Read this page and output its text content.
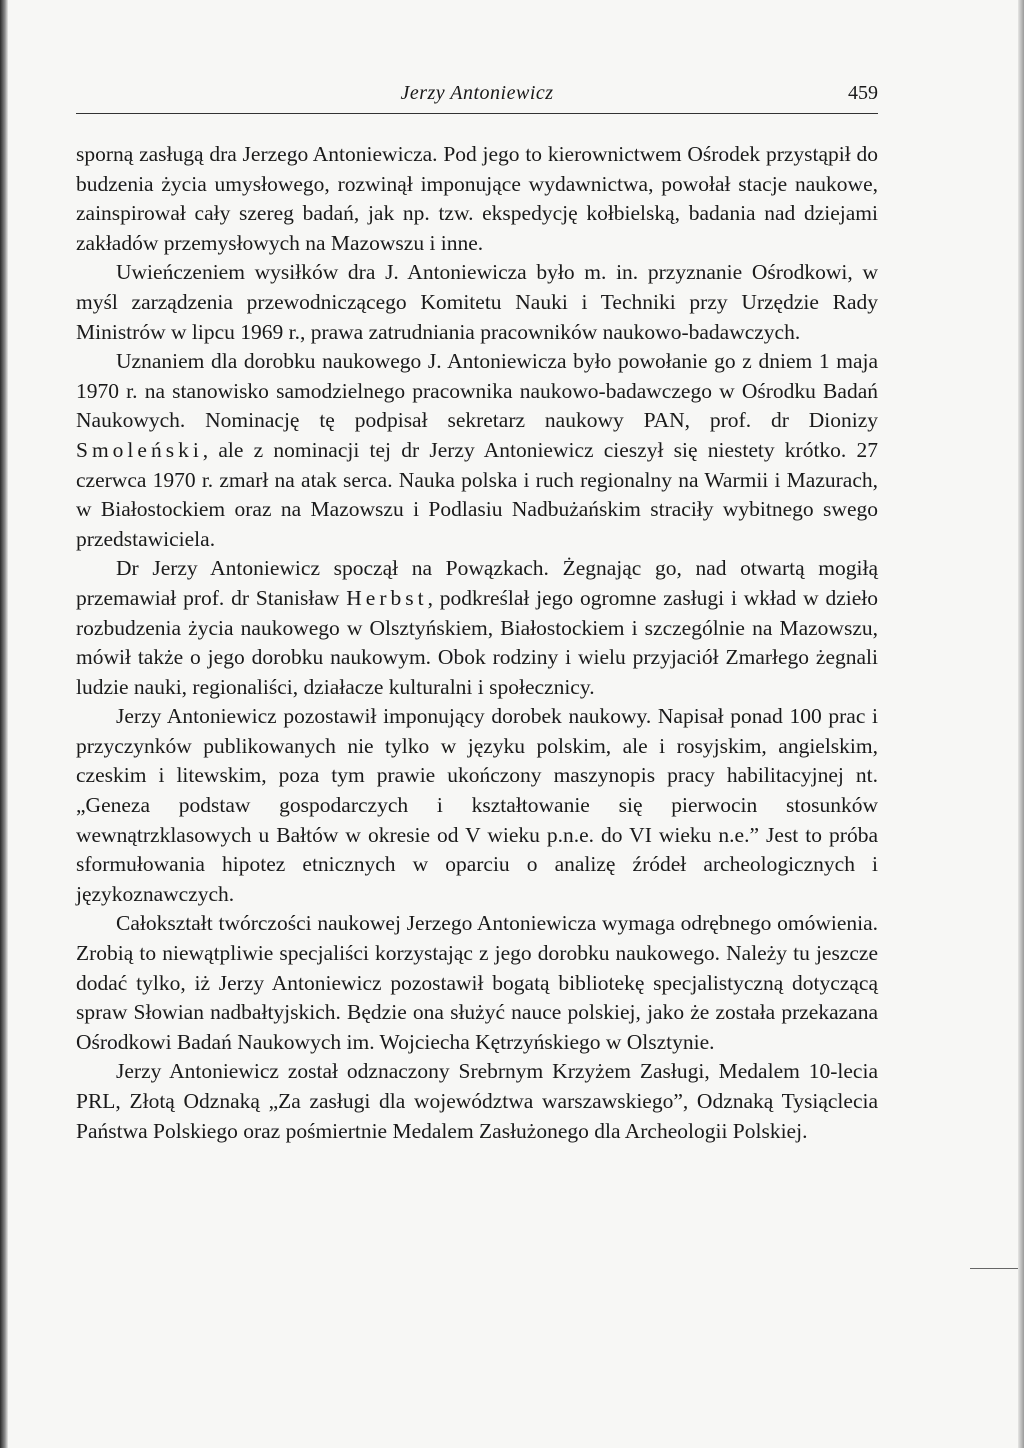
Jerzy Antoniewicz	459

sporną zasługą dra Jerzego Antoniewicza. Pod jego to kierownictwem Ośrodek przystąpił do budzenia życia umysłowego, rozwinął imponujące wydawnictwa, powołał stacje naukowe, zainspirował cały szereg badań, jak np. tzw. ekspedycję kołbielską, badania nad dziejami zakładów przemysłowych na Mazowszu i inne.

Uwieńczeniem wysiłków dra J. Antoniewicza było m. in. przyznanie Ośrodkowi, w myśl zarządzenia przewodniczącego Komitetu Nauki i Techniki przy Urzędzie Rady Ministrów w lipcu 1969 r., prawa zatrudniania pracowników naukowo-badawczych.

Uznaniem dla dorobku naukowego J. Antoniewicza było powołanie go z dniem 1 maja 1970 r. na stanowisko samodzielnego pracownika naukowo-badawczego w Ośrodku Badań Naukowych. Nominację tę podpisał sekretarz naukowy PAN, prof. dr Dionizy Smoleński, ale z nominacji tej dr Jerzy Antoniewicz cieszył się niestety krótko. 27 czerwca 1970 r. zmarł na atak serca. Nauka polska i ruch regionalny na Warmii i Mazurach, w Białostockiem oraz na Mazowszu i Podlasiu Nadbużańskim straciły wybitnego swego przedstawiciela.

Dr Jerzy Antoniewicz spoczął na Powązkach. Żegnając go, nad otwartą mogiłą przemawiał prof. dr Stanisław Herbst, podkreślał jego ogromne zasługi i wkład w dzieło rozbudzenia życia naukowego w Olsztyńskiem, Białostockiem i szczególnie na Mazowszu, mówił także o jego dorobku naukowym. Obok rodziny i wielu przyjaciół Zmarłego żegnali ludzie nauki, regionaliści, działacze kulturalni i społecznicy.

Jerzy Antoniewicz pozostawił imponujący dorobek naukowy. Napisał ponad 100 prac i przyczynków publikowanych nie tylko w języku polskim, ale i rosyjskim, angielskim, czeskim i litewskim, poza tym prawie ukończony maszynopis pracy habilitacyjnej nt. „Geneza podstaw gospodarczych i kształtowanie się pierwocin stosunków wewnątrzklasowych u Bałtów w okresie od V wieku p.n.e. do VI wieku n.e.” Jest to próba sformułowania hipotez etnicznych w oparciu o analizę źródeł archeologicznych i językoznawczych.

Całokształt twórczości naukowej Jerzego Antoniewicza wymaga odrębnego omówienia. Zrobią to niewątpliwie specjaliści korzystając z jego dorobku naukowego. Należy tu jeszcze dodać tylko, iż Jerzy Antoniewicz pozostawił bogatą bibliotekę specjalistyczną dotyczącą spraw Słowian nadbałtyjskich. Będzie ona służyć nauce polskiej, jako że została przekazana Ośrodkowi Badań Naukowych im. Wojciecha Kętrzyńskiego w Olsztynie.

Jerzy Antoniewicz został odznaczony Srebrnym Krzyżem Zasługi, Medalem 10-lecia PRL, Złotą Odznaką „Za zasługi dla województwa warszawskiego”, Odznaką Tysiąclecia Państwa Polskiego oraz pośmiertnie Medalem Zasłużonego dla Archeologii Polskiej.
